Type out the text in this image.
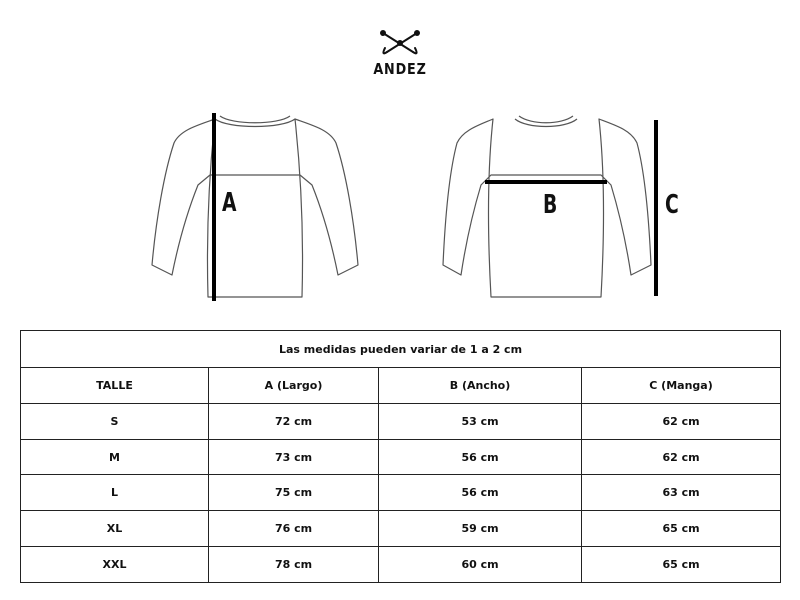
ANDEZ
A	B	C
Las medidas pueden variar de 1 a 2 cm			
TALLE	A (Largo)	B (Ancho)	C (Manga)
S	72 cm	53 cm	62 cm
M	73 cm	56 cm	62 cm
L	75 cm	56 cm	63 cm
XL	76 cm	59 cm	65 cm
XXL	78 cm	60 cm	65 cm
